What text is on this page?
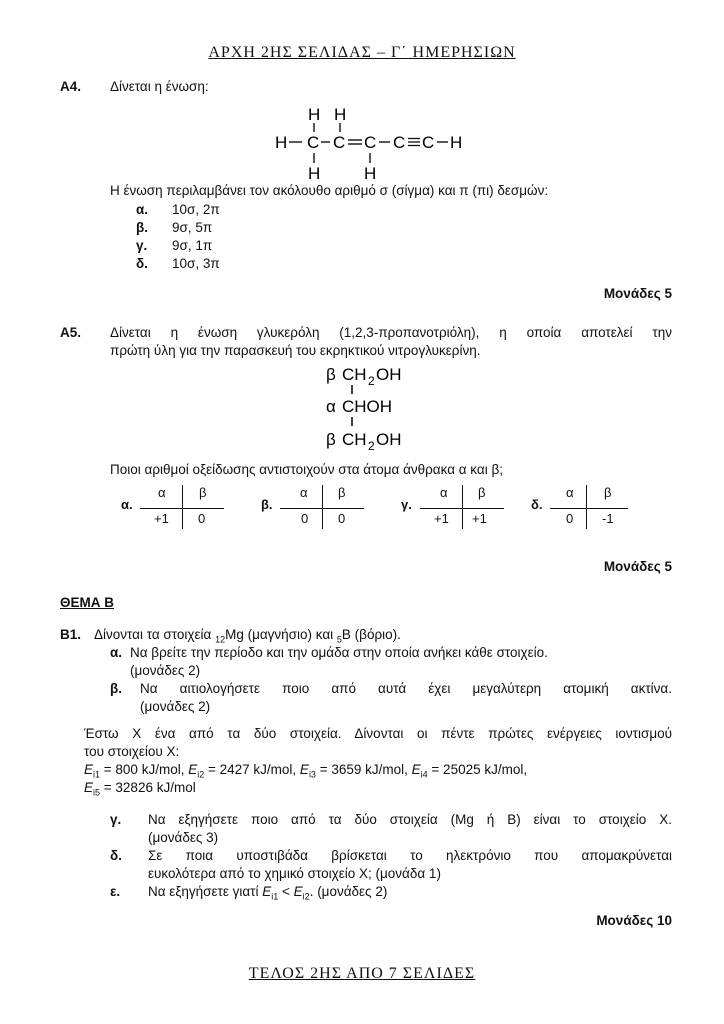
ΑΡΧΗ 2ΗΣ ΣΕΛΙΔΑΣ – Γ΄ ΗΜΕΡΗΣΙΩΝ
Α4. Δίνεται η ένωση:
H H
H C C C C C H
H	H
Η ένωση περιλαμβάνει τον ακόλουθο αριθμό σ (σίγμα) και π (πι) δεσμών:
α. 10σ, 2π
β. 9σ, 5π
γ. 9σ, 1π
δ. 10σ, 3π
Μονάδες 5
Α5. Δίνεται η ένωση γλυκερόλη (1,2,3-προπανοτριόλη), η οποία αποτελεί την
πρώτη ύλη για την παρασκευή του εκρηκτικού νιτρογλυκερίνη.
β CH 2 OH
α CHOH
β CH 2 OH
Ποιοι αριθμοί οξείδωσης αντιστοιχούν στα άτομα άνθρακα α και β;
α.
α	β
+1 0
β.
α β
0 0
γ.
α β
+1 +1
δ.
α β
0 -1
Μονάδες 5
ΘΕΜΑ Β
Β1. Δίνονται τα στοιχεία $_{12}$Mg (μαγνήσιο) και $_5$B (βόριο).
α. Να βρείτε την περίοδο και την ομάδα στην οποία ανήκει κάθε στοιχείο.
(μονάδες 2)
β. Να αιτιολογήσετε ποιο από αυτά έχει μεγαλύτερη ατομική ακτίνα.
(μονάδες 2)
Έστω Χ ένα από τα δύο στοιχεία. Δίνονται οι πέντε πρώτες ενέργειες ιοντισμού
του στοιχείου Χ:
$E_{i1} = 800$ kJ/mol, $E_{i2} = 2427$ kJ/mol, $E_{i3} = 3659$ kJ/mol, $E_{i4} = 25025$ kJ/mol,
$E_{i5} = 32826$ kJ/mol
γ. Να εξηγήσετε ποιο από τα δύο στοιχεία (Mg ή B) είναι το στοιχείο Χ.
(μονάδες 3)
δ. Σε ποια υποστιβάδα βρίσκεται το ηλεκτρόνιο που απομακρύνεται
ευκολότερα από το χημικό στοιχείο Χ; (μονάδα 1)
ε. Να εξηγήσετε γιατί $E_{i1} < E_{i2}$. (μονάδες 2)
Μονάδες 10
ΤΕΛΟΣ 2ΗΣ ΑΠΟ 7 ΣΕΛΙΔΕΣ
